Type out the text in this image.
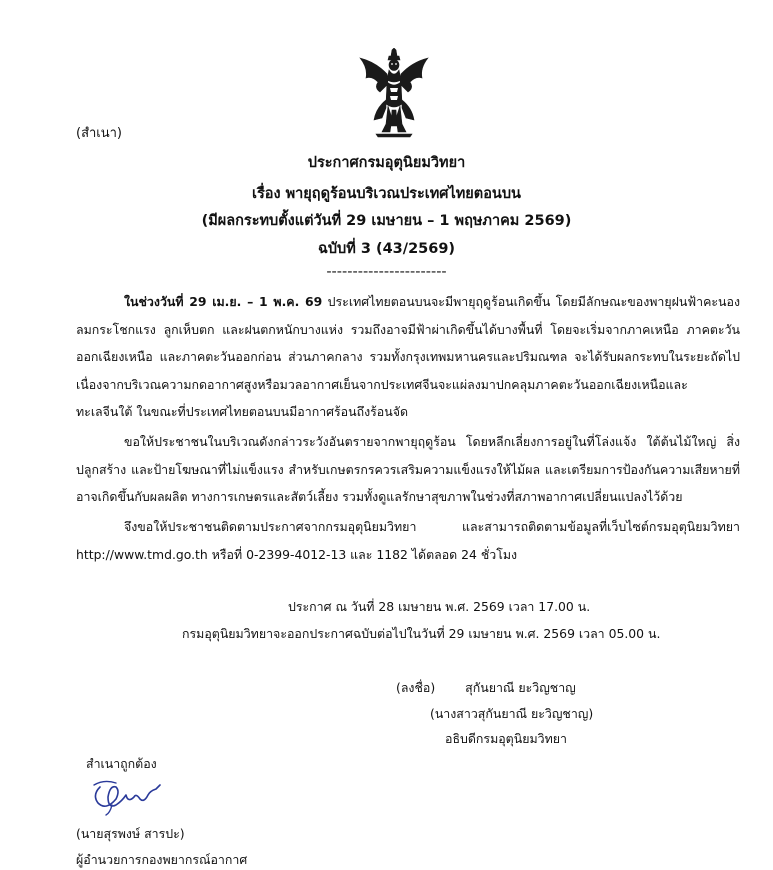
(สำเนา)
ประกาศกรมอุตุนิยมวิทยา
เรื่อง พายุฤดูร้อนบริเวณประเทศไทยตอนบน
(มีผลกระทบตั้งแต่วันที่ 29 เมษายน – 1 พฤษภาคม 2569)
ฉบับที่ 3 (43/2569)
-----------------------

ในช่วงวันที่ 29 เม.ย. – 1 พ.ค. 69 ประเทศไทยตอนบนจะมีพายุฤดูร้อนเกิดขึ้น โดยมีลักษณะของพายุฝนฟ้าคะนอง ลมกระโชกแรง ลูกเห็บตก และฝนตกหนักบางแห่ง รวมถึงอาจมีฟ้าผ่าเกิดขึ้นได้บางพื้นที่ โดยจะเริ่มจากภาคเหนือ ภาคตะวันออกเฉียงเหนือ และภาคตะวันออกก่อน ส่วนภาคกลาง รวมทั้งกรุงเทพมหานครและปริมณฑล จะได้รับผลกระทบในระยะถัดไป เนื่องจากบริเวณความกดอากาศสูงหรือมวลอากาศเย็นจากประเทศจีนจะแผ่ลงมาปกคลุมภาคตะวันออกเฉียงเหนือและทะเลจีนใต้ ในขณะที่ประเทศไทยตอนบนมีอากาศร้อนถึงร้อนจัด

ขอให้ประชาชนในบริเวณดังกล่าวระวังอันตรายจากพายุฤดูร้อน โดยหลีกเลี่ยงการอยู่ในที่โล่งแจ้ง ใต้ต้นไม้ใหญ่ สิ่งปลูกสร้าง และป้ายโฆษณาที่ไม่แข็งแรง สำหรับเกษตรกรควรเสริมความแข็งแรงให้ไม้ผล และเตรียมการป้องกันความเสียหายที่อาจเกิดขึ้นกับผลผลิต ทางการเกษตรและสัตว์เลี้ยง รวมทั้งดูแลรักษาสุขภาพในช่วงที่สภาพอากาศเปลี่ยนแปลงไว้ด้วย

จึงขอให้ประชาชนติดตามประกาศจากกรมอุตุนิยมวิทยา และสามารถติดตามข้อมูลที่เว็บไซต์กรมอุตุนิยมวิทยา http://www.tmd.go.th หรือที่ 0-2399-4012-13 และ 1182 ได้ตลอด 24 ชั่วโมง

ประกาศ ณ วันที่ 28 เมษายน พ.ศ. 2569 เวลา 17.00 น.
กรมอุตุนิยมวิทยาจะออกประกาศฉบับต่อไปในวันที่ 29 เมษายน พ.ศ. 2569 เวลา 05.00 น.
(ลงชื่อ) สุกันยาณี ยะวิญชาญ
(นางสาวสุกันยาณี ยะวิญชาญ)
อธิบดีกรมอุตุนิยมวิทยา
สำเนาถูกต้อง
(นายสุรพงษ์ สารปะ)
ผู้อำนวยการกองพยากรณ์อากาศ
